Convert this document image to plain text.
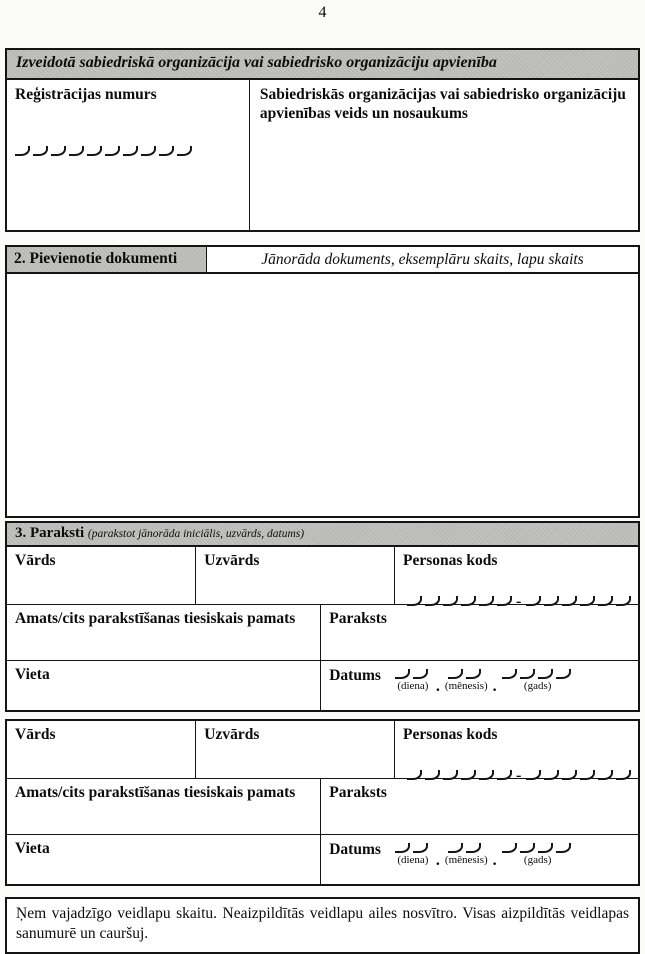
4
Izveidotā sabiedriskā organizācija vai sabiedrisko organizāciju apvienība
Reģistrācijas numurs	Sabiedriskās organizācijas vai sabiedrisko organizāciju apvienības veids un nosaukums
2. Pievienotie dokumenti	Jānorāda dokuments, eksemplāru skaits, lapu skaits
3. Paraksti (parakstot jānorāda iniciālis, uzvārds, datums)
Vārds	Uzvārds	Personas kods
-
Amats/cits parakstīšanas tiesiskais pamats	Paraksts
Vieta	Datums
(diena) . (mēnesis) . (gads)
Vārds	Uzvārds	Personas kods
-
Amats/cits parakstīšanas tiesiskais pamats	Paraksts
Vieta	Datums
(diena) . (mēnesis) . (gads)
Ņem vajadzīgo veidlapu skaitu. Neaizpildītās veidlapu ailes nosvītro. Visas aizpildītās veidlapas sanumurē un cauršuj.
